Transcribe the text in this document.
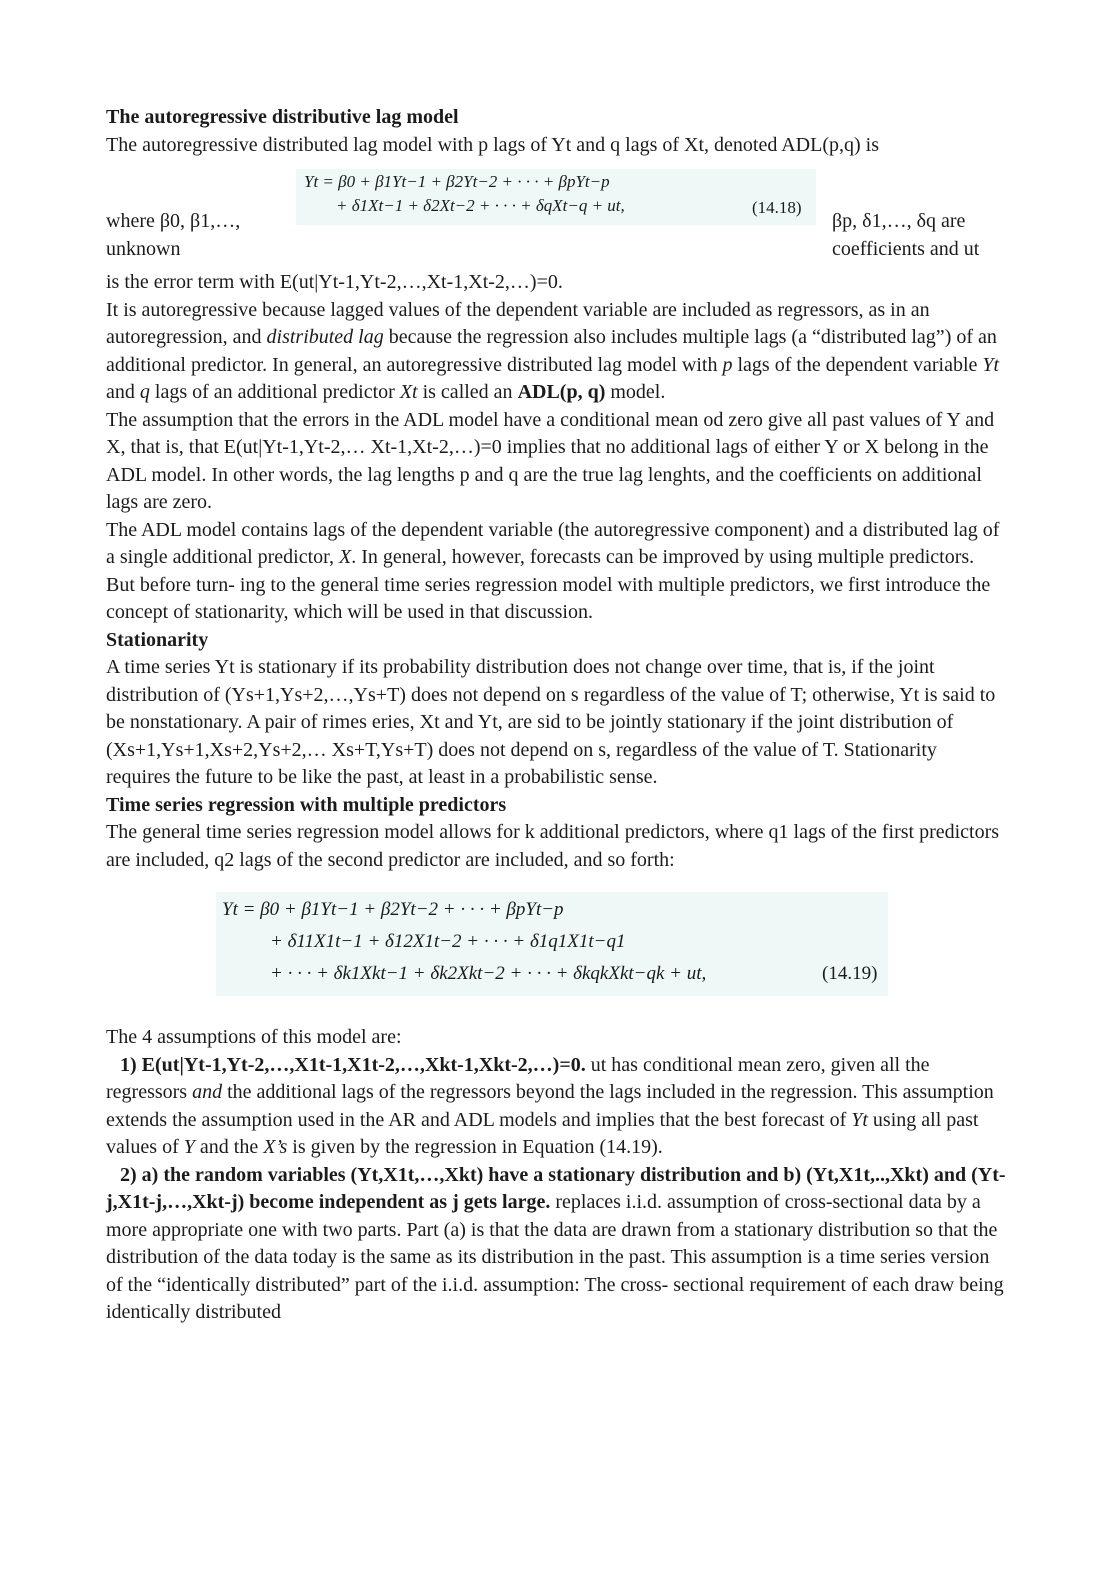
The autoregressive distributive lag model

The autoregressive distributed lag model with p lags of Yt and q lags of Xt, denoted ADL(p,q) is

where β0, β1,…, unknown
Yt = β0 + β1Yt−1 + β2Yt−2 + · · · + βpYt−p
+ δ1Xt−1 + δ2Xt−2 + · · · + δqXt−q + ut,	(14.18)
βp, δ1,…, δq are coefficients and ut

is the error term with E(ut|Yt-1,Yt-2,…,Xt-1,Xt-2,…)=0.

It is autoregressive because lagged values of the dependent variable are included as regressors, as in an autoregression, and distributed lag because the regression also includes multiple lags (a “distributed lag”) of an additional predictor. In general, an autoregressive distributed lag model with p lags of the dependent variable Yt and q lags of an additional predictor Xt is called an ADL(p, q) model.

The assumption that the errors in the ADL model have a conditional mean od zero give all past values of Y and X, that is, that E(ut|Yt-1,Yt-2,… Xt-1,Xt-2,…)=0 implies that no additional lags of either Y or X belong in the ADL model. In other words, the lag lengths p and q are the true lag lenghts, and the coefficients on additional lags are zero.

The ADL model contains lags of the dependent variable (the autoregressive component) and a distributed lag of a single additional predictor, X. In general, however, forecasts can be improved by using multiple predictors. But before turn- ing to the general time series regression model with multiple predictors, we first introduce the concept of stationarity, which will be used in that discussion.

Stationarity

A time series Yt is stationary if its probability distribution does not change over time, that is, if the joint distribution of (Ys+1,Ys+2,…,Ys+T) does not depend on s regardless of the value of T; otherwise, Yt is said to be nonstationary. A pair of rimes eries, Xt and Yt, are sid to be jointly stationary if the joint distribution of (Xs+1,Ys+1,Xs+2,Ys+2,… Xs+T,Ys+T) does not depend on s, regardless of the value of T. Stationarity requires the future to be like the past, at least in a probabilistic sense.

Time series regression with multiple predictors

The general time series regression model allows for k additional predictors, where q1 lags of the first predictors are included, q2 lags of the second predictor are included, and so forth:

Yt = β0 + β1Yt−1 + β2Yt−2 + · · · + βpYt−p
+ δ11X1t−1 + δ12X1t−2 + · · · + δ1q1X1t−q1
+ · · · + δk1Xkt−1 + δk2Xkt−2 + · · · + δkqkXkt−qk + ut,	(14.19)

The 4 assumptions of this model are:

1) E(ut|Yt-1,Yt-2,…,X1t-1,X1t-2,…,Xkt-1,Xkt-2,…)=0. ut has conditional mean zero, given all the regressors and the additional lags of the regressors beyond the lags included in the regression. This assumption extends the assumption used in the AR and ADL models and implies that the best forecast of Yt using all past values of Y and the X’s is given by the regression in Equation (14.19).

2) a) the random variables (Yt,X1t,…,Xkt) have a stationary distribution and b) (Yt,X1t,..,Xkt) and (Yt-j,X1t-j,…,Xkt-j) become independent as j gets large. replaces i.i.d. assumption of cross-sectional data by a more appropriate one with two parts. Part (a) is that the data are drawn from a stationary distribution so that the distribution of the data today is the same as its distribution in the past. This assumption is a time series version of the “identically distributed” part of the i.i.d. assumption: The cross- sectional requirement of each draw being identically distributed
